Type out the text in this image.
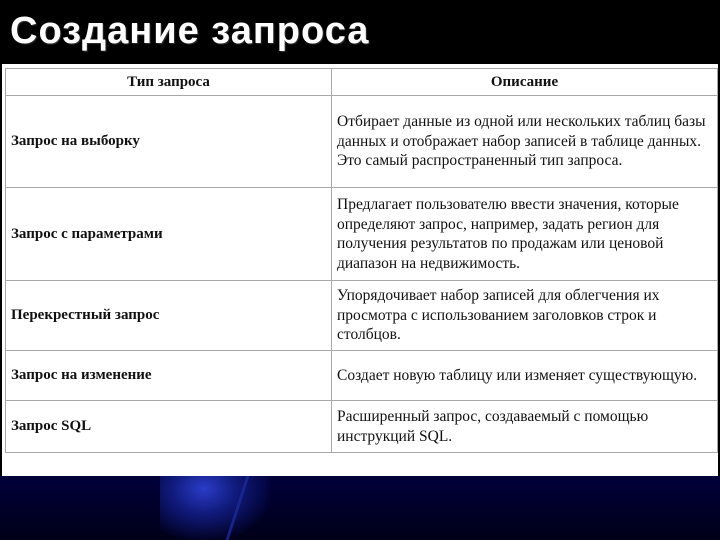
Создание запроса
Тип запроса	Описание
Запрос на выборку	Отбирает данные из одной или нескольких таблиц базы данных и отображает набор записей в таблице данных. Это самый распространенный тип запроса.
Запрос с параметрами	Предлагает пользователю ввести значения, которые определяют запрос, например, задать регион для получения результатов по продажам или ценовой диапазон на недвижимость.
Перекрестный запрос	Упорядочивает набор записей для облегчения их просмотра с использованием заголовков строк и столбцов.
Запрос на изменение	Создает новую таблицу или изменяет существующую.
Запрос SQL	Расширенный запрос, создаваемый с помощью инструкций SQL.
